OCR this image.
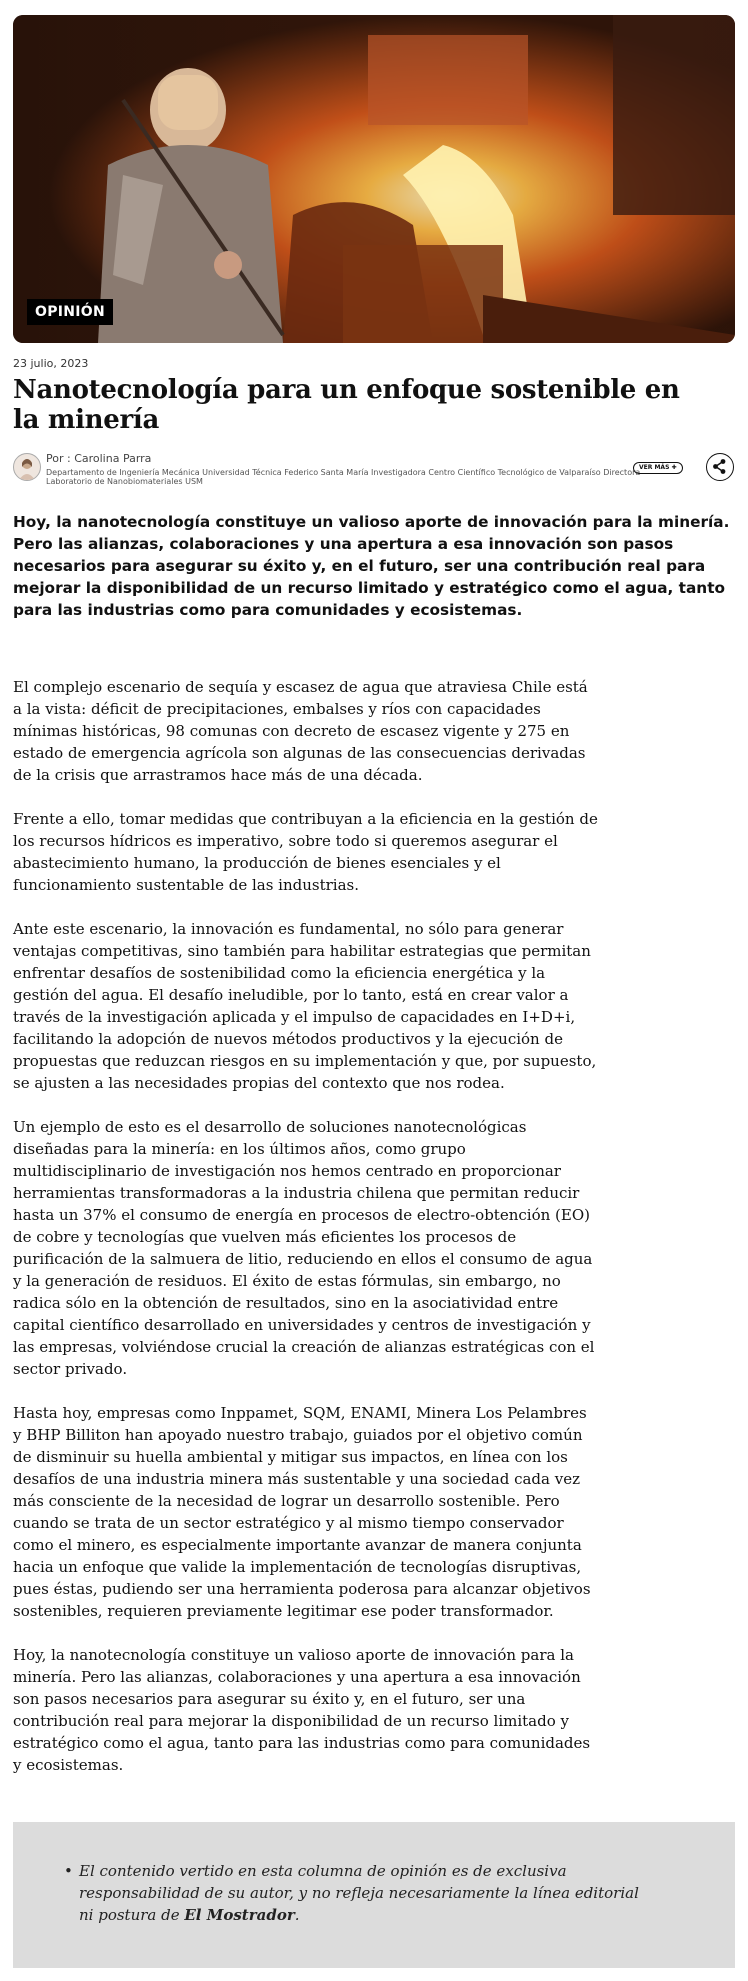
OPINIÓN
23 julio, 2023
Nanotecnología para un enfoque sostenible en la minería
Por : Carolina Parra
Departamento de Ingeniería Mecánica Universidad Técnica Federico Santa María Investigadora Centro Científico Tecnológico de Valparaíso Directora Laboratorio de Nanobiomateriales USM
VER MÁS ✚

Hoy, la nanotecnología constituye un valioso aporte de innovación para la minería. Pero las alianzas, colaboraciones y una apertura a esa innovación son pasos necesarios para asegurar su éxito y, en el futuro, ser una contribución real para mejorar la disponibilidad de un recurso limitado y estratégico como el agua, tanto para las industrias como para comunidades y ecosistemas.

El complejo escenario de sequía y escasez de agua que atraviesa Chile está a la vista: déficit de precipitaciones, embalses y ríos con capacidades mínimas históricas, 98 comunas con decreto de escasez vigente y 275 en estado de emergencia agrícola son algunas de las consecuencias derivadas de la crisis que arrastramos hace más de una década.

Frente a ello, tomar medidas que contribuyan a la eficiencia en la gestión de los recursos hídricos es imperativo, sobre todo si queremos asegurar el abastecimiento humano, la producción de bienes esenciales y el funcionamiento sustentable de las industrias.

Ante este escenario, la innovación es fundamental, no sólo para generar ventajas competitivas, sino también para habilitar estrategias que permitan enfrentar desafíos de sostenibilidad como la eficiencia energética y la gestión del agua. El desafío ineludible, por lo tanto, está en crear valor a través de la investigación aplicada y el impulso de capacidades en I+D+i, facilitando la adopción de nuevos métodos productivos y la ejecución de propuestas que reduzcan riesgos en su implementación y que, por supuesto, se ajusten a las necesidades propias del contexto que nos rodea.

Un ejemplo de esto es el desarrollo de soluciones nanotecnológicas diseñadas para la minería: en los últimos años, como grupo multidisciplinario de investigación nos hemos centrado en proporcionar herramientas transformadoras a la industria chilena que permitan reducir hasta un 37% el consumo de energía en procesos de electro-obtención (EO) de cobre y tecnologías que vuelven más eficientes los procesos de purificación de la salmuera de litio, reduciendo en ellos el consumo de agua y la generación de residuos. El éxito de estas fórmulas, sin embargo, no radica sólo en la obtención de resultados, sino en la asociatividad entre capital científico desarrollado en universidades y centros de investigación y las empresas, volviéndose crucial la creación de alianzas estratégicas con el sector privado.

Hasta hoy, empresas como Inppamet, SQM, ENAMI, Minera Los Pelambres y BHP Billiton han apoyado nuestro trabajo, guiados por el objetivo común de disminuir su huella ambiental y mitigar sus impactos, en línea con los desafíos de una industria minera más sustentable y una sociedad cada vez más consciente de la necesidad de lograr un desarrollo sostenible. Pero cuando se trata de un sector estratégico y al mismo tiempo conservador como el minero, es especialmente importante avanzar de manera conjunta hacia un enfoque que valide la implementación de tecnologías disruptivas, pues éstas, pudiendo ser una herramienta poderosa para alcanzar objetivos sostenibles, requieren previamente legitimar ese poder transformador.

Hoy, la nanotecnología constituye un valioso aporte de innovación para la minería. Pero las alianzas, colaboraciones y una apertura a esa innovación son pasos necesarios para asegurar su éxito y, en el futuro, ser una contribución real para mejorar la disponibilidad de un recurso limitado y estratégico como el agua, tanto para las industrias como para comunidades y ecosistemas.

• El contenido vertido en esta columna de opinión es de exclusiva responsabilidad de su autor, y no refleja necesariamente la línea editorial ni postura de El Mostrador.
